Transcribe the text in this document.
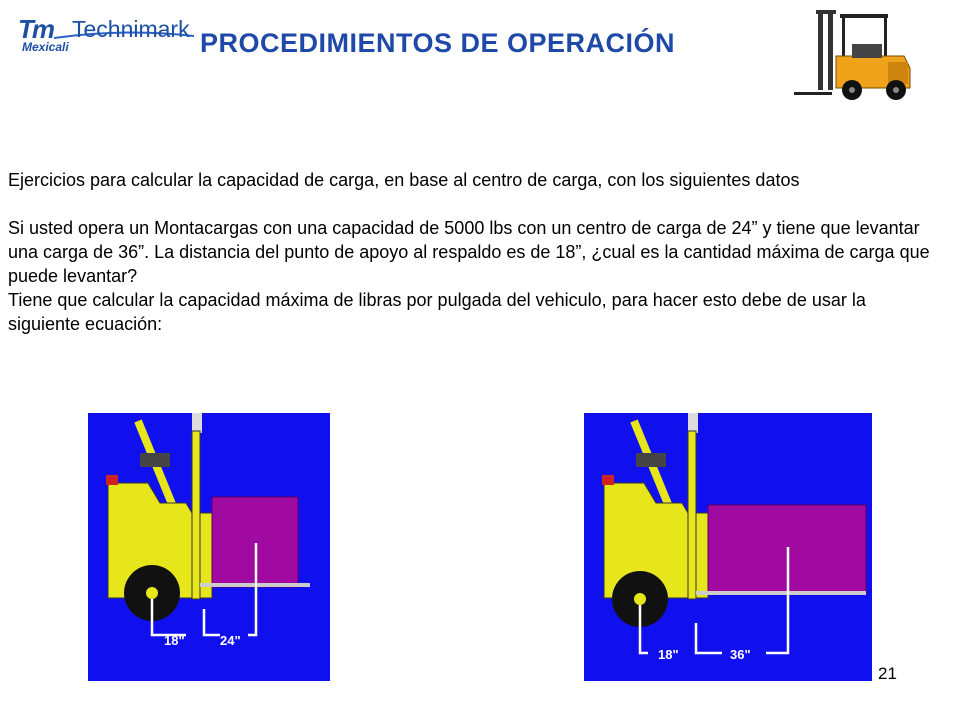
Tm Technimark
Mexicali	PROCEDIMIENTOS DE OPERACIÓN

Ejercicios para calcular la capacidad de carga, en base al centro de carga, con los siguientes datos

Si usted opera un Montacargas con una capacidad de 5000 lbs con un centro de carga de 24” y tiene que levantar una carga de 36”. La distancia del punto de apoyo al respaldo es de 18”, ¿cual es la cantidad máxima de carga que puede levantar?

Tiene que calcular la capacidad máxima de libras por pulgada del vehiculo, para hacer esto debe de usar la siguiente ecuación:

18"	24"
18"	36"
21
